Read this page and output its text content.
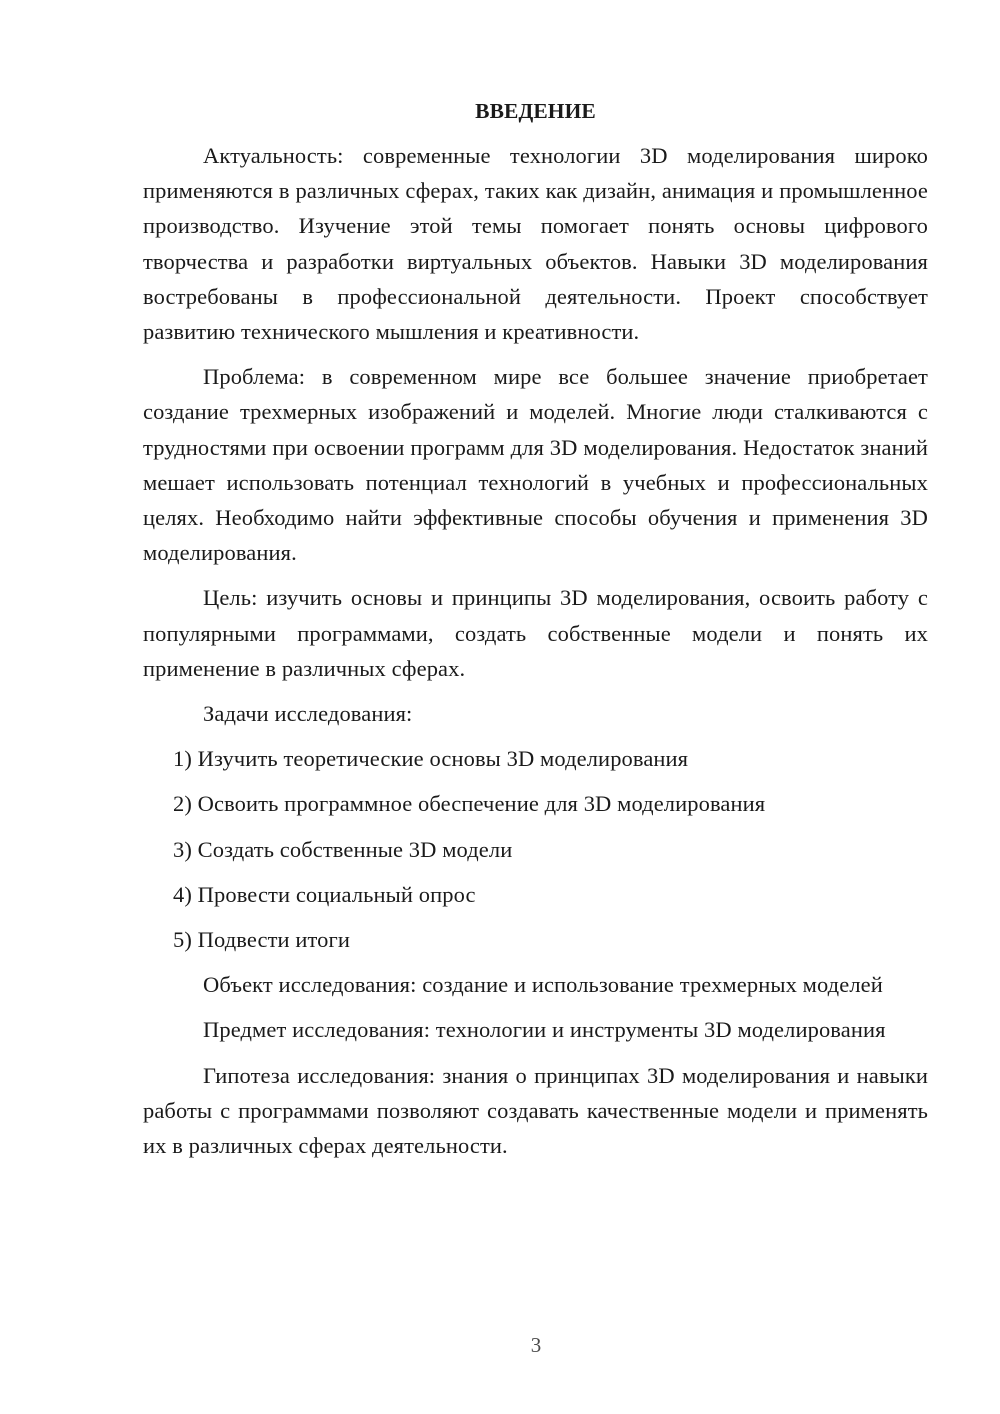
ВВЕДЕНИЕ

Актуальность: современные технологии 3D моделирования широко применяются в различных сферах, таких как дизайн, анимация и промышленное производство. Изучение этой темы помогает понять основы цифрового творчества и разработки виртуальных объектов. Навыки 3D моделирования востребованы в профессиональной деятельности. Проект способствует развитию технического мышления и креативности.

Проблема: в современном мире все большее значение приобретает создание трехмерных изображений и моделей. Многие люди сталкиваются с трудностями при освоении программ для 3D моделирования. Недостаток знаний мешает использовать потенциал технологий в учебных и профессиональных целях. Необходимо найти эффективные способы обучения и применения 3D моделирования.

Цель: изучить основы и принципы 3D моделирования, освоить работу с популярными программами, создать собственные модели и понять их применение в различных сферах.

Задачи исследования:

1) Изучить теоретические основы 3D моделирования
2) Освоить программное обеспечение для 3D моделирования
3) Создать собственные 3D модели
4) Провести социальный опрос
5) Подвести итоги

Объект исследования: создание и использование трехмерных моделей

Предмет исследования: технологии и инструменты 3D моделирования

Гипотеза исследования: знания о принципах 3D моделирования и навыки работы с программами позволяют создавать качественные модели и применять их в различных сферах деятельности.

3
